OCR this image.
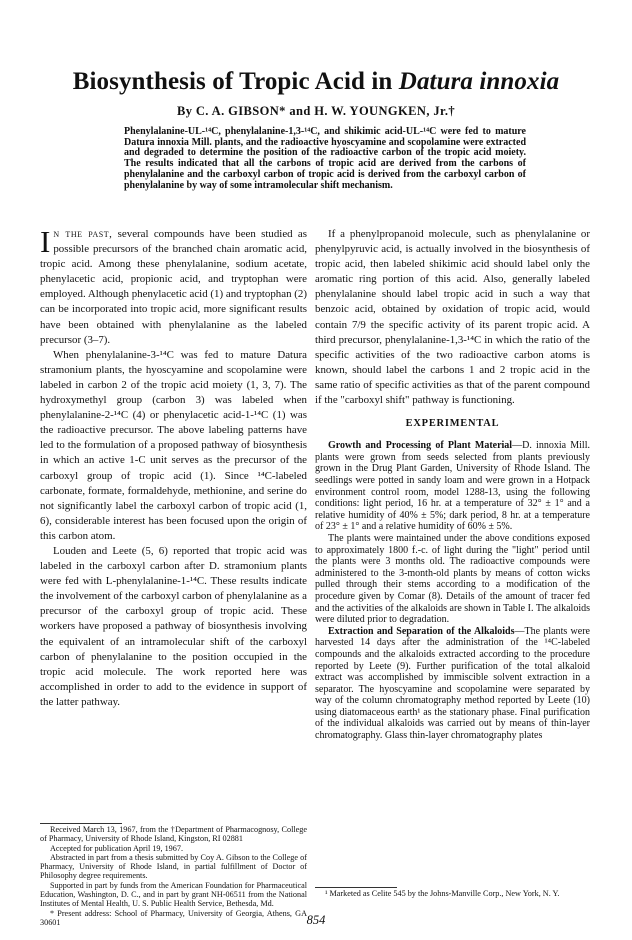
Biosynthesis of Tropic Acid in Datura innoxia
By C. A. GIBSON* and H. W. YOUNGKEN, Jr.†
Phenylalanine-UL-¹⁴C, phenylalanine-1,3-¹⁴C, and shikimic acid-UL-¹⁴C were fed to mature Datura innoxia Mill. plants, and the radioactive hyoscyamine and scopolamine were extracted and degraded to determine the position of the radioactive carbon of the tropic acid moiety. The results indicated that all the carbons of tropic acid are derived from the carbons of phenylalanine and the carboxyl carbon of tropic acid is derived from the carboxyl carbon of phenylalanine by way of some intramolecular shift mechanism.

In the past, several compounds have been studied as possible precursors of the branched chain aromatic acid, tropic acid. Among these phenylalanine, sodium acetate, phenylacetic acid, propionic acid, and tryptophan were employed. Although phenylacetic acid (1) and tryptophan (2) can be incorporated into tropic acid, more significant results have been obtained with phenylalanine as the labeled precursor (3–7).

When phenylalanine-3-¹⁴C was fed to mature Datura stramonium plants, the hyoscyamine and scopolamine were labeled in carbon 2 of the tropic acid moiety (1, 3, 7). The hydroxymethyl group (carbon 3) was labeled when phenylalanine-2-¹⁴C (4) or phenylacetic acid-1-¹⁴C (1) was the radioactive precursor. The above labeling patterns have led to the formulation of a proposed pathway of biosynthesis in which an active 1-C unit serves as the precursor of the carboxyl group of tropic acid (1). Since ¹⁴C-labeled carbonate, formate, formaldehyde, methionine, and serine do not significantly label the carboxyl carbon of tropic acid (1, 6), considerable interest has been focused upon the origin of this carbon atom.

Louden and Leete (5, 6) reported that tropic acid was labeled in the carboxyl carbon after D. stramonium plants were fed with L-phenylalanine-1-¹⁴C. These results indicate the involvement of the carboxyl carbon of phenylalanine as a precursor of the carboxyl group of tropic acid. These workers have proposed a pathway of biosynthesis involving the equivalent of an intramolecular shift of the carboxyl carbon of phenylalanine to the position occupied in the tropic acid molecule. The work reported here was accomplished in order to add to the evidence in support of the latter pathway.

If a phenylpropanoid molecule, such as phenylalanine or phenylpyruvic acid, is actually involved in the biosynthesis of tropic acid, then labeled shikimic acid should label only the aromatic ring portion of this acid. Also, generally labeled phenylalanine should label tropic acid in such a way that benzoic acid, obtained by oxidation of tropic acid, would contain 7/9 the specific activity of its parent tropic acid. A third precursor, phenylalanine-1,3-¹⁴C in which the ratio of the specific activities of the two radioactive carbon atoms is known, should label the carbons 1 and 2 tropic acid in the same ratio of specific activities as that of the parent compound if the "carboxyl shift" pathway is functioning.

EXPERIMENTAL

Growth and Processing of Plant Material—D. innoxia Mill. plants were grown from seeds selected from plants previously grown in the Drug Plant Garden, University of Rhode Island. The seedlings were potted in sandy loam and were grown in a Hotpack environment control room, model 1288-13, using the following conditions: light period, 16 hr. at a temperature of 32° ± 1° and a relative humidity of 40% ± 5%; dark period, 8 hr. at a temperature of 23° ± 1° and a relative humidity of 60% ± 5%.

The plants were maintained under the above conditions exposed to approximately 1800 f.-c. of light during the "light" period until the plants were 3 months old. The radioactive compounds were administered to the 3-month-old plants by means of cotton wicks pulled through their stems according to a modification of the procedure given by Comar (8). Details of the amount of tracer fed and the activities of the alkaloids are shown in Table I. The alkaloids were diluted prior to degradation.

Extraction and Separation of the Alkaloids—The plants were harvested 14 days after the administration of the ¹⁴C-labeled compounds and the alkaloids extracted according to the procedure reported by Leete (9). Further purification of the total alkaloid extract was accomplished by immiscible solvent extraction in a separator. The hyoscyamine and scopolamine were separated by way of the column chromatography method reported by Leete (10) using diatomaceous earth¹ as the stationary phase. Final purification of the individual alkaloids was carried out by means of thin-layer chromatography. Glass thin-layer chromatography plates

Received March 13, 1967, from the †Department of Pharmacognosy, College of Pharmacy, University of Rhode Island, Kingston, RI 02881

Accepted for publication April 19, 1967.

Abstracted in part from a thesis submitted by Coy A. Gibson to the College of Pharmacy, University of Rhode Island, in partial fulfillment of Doctor of Philosophy degree requirements.

Supported in part by funds from the American Foundation for Pharmaceutical Education, Washington, D. C., and in part by grant NH-06511 from the National Institutes of Mental Health, U. S. Public Health Service, Bethesda, Md.

* Present address: School of Pharmacy, University of Georgia, Athens, GA 30601

¹ Marketed as Celite 545 by the Johns-Manville Corp., New York, N. Y.

854
